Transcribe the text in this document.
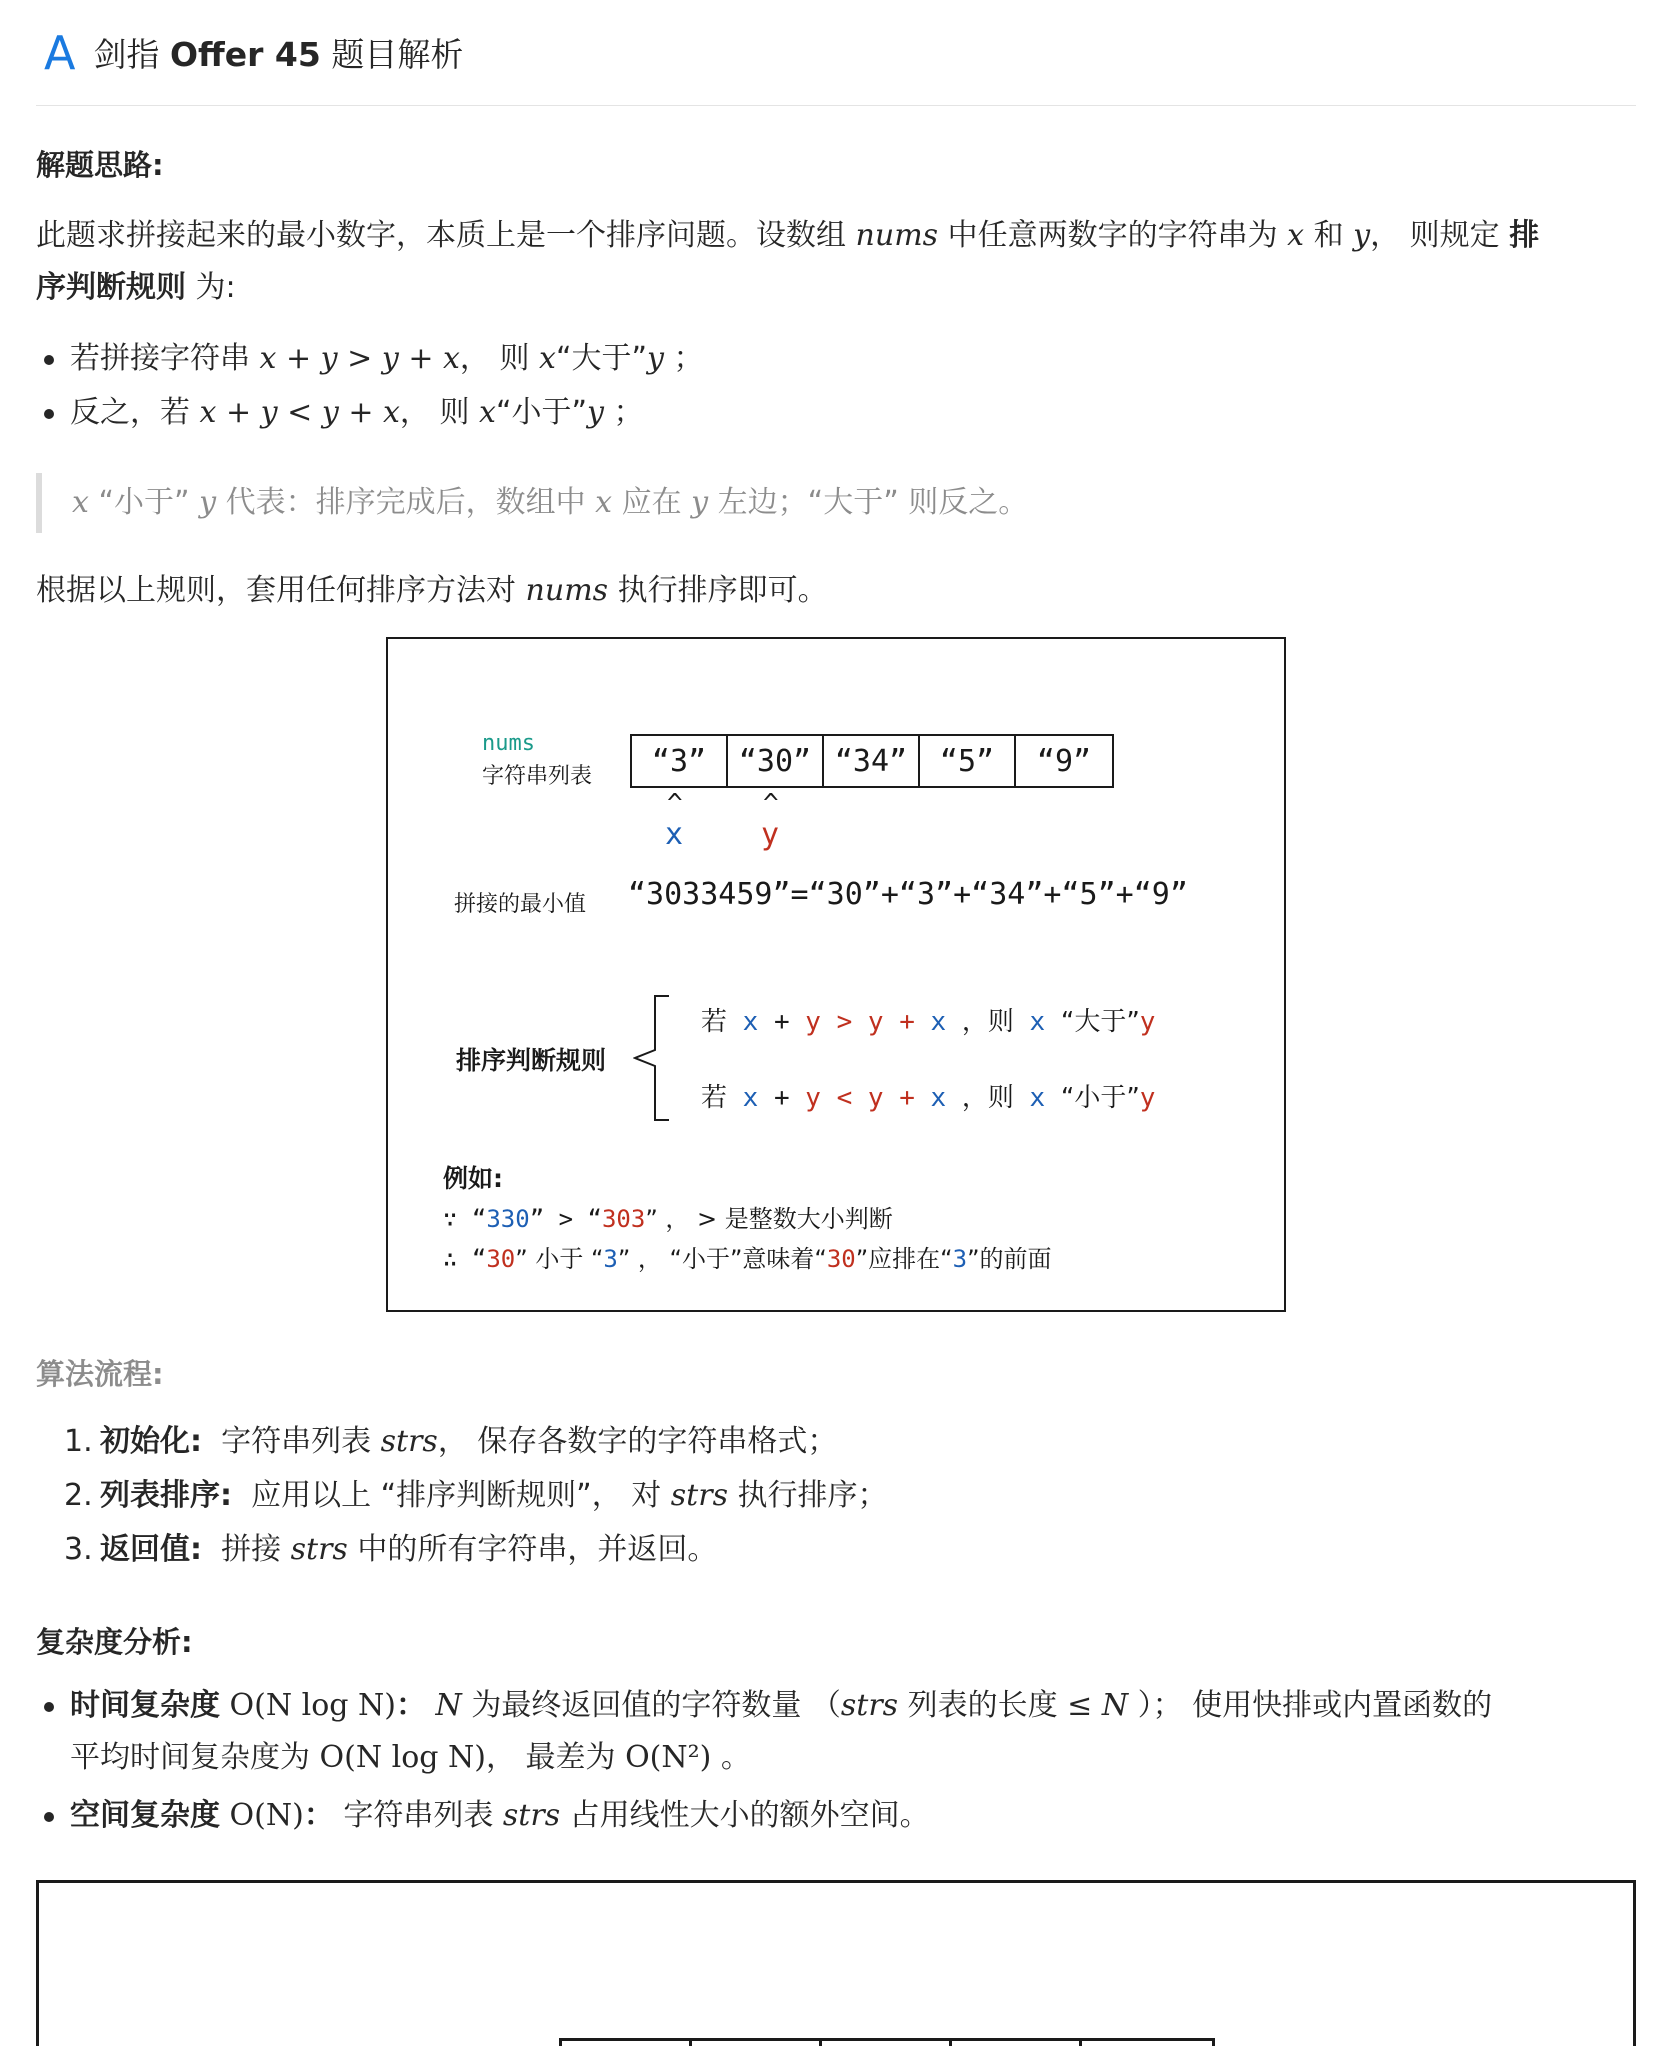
A 剑指 Offer 45 题目解析
解题思路:
此题求拼接起来的最小数字，本质上是一个排序问题。设数组 nums 中任意两数字的字符串为 x 和 y， 则规定 排
序判断规则 为:
若拼接字符串 x + y > y + x， 则 x“大于”y ；
反之，若 x + y < y + x， 则 x“小于”y ；
x “小于” y 代表：排序完成后，数组中 x 应在 y 左边；“大于” 则反之。
根据以上规则，套用任何排序方法对 nums 执行排序即可。
算法流程:
1. 初始化: 字符串列表 strs， 保存各数字的字符串格式；
2. 列表排序: 应用以上 “排序判断规则”， 对 strs 执行排序；
3. 返回值: 拼接 strs 中的所有字符串，并返回。
复杂度分析:
时间复杂度 O(N log N)： N 为最终返回值的字符数量 （strs 列表的长度 ≤ N ）； 使用快排或内置函数的
平均时间复杂度为 O(N log N)， 最差为 O(N²) 。
空间复杂度 O(N)： 字符串列表 strs 占用线性大小的额外空间。
nums
字符串列表	“3”	“30” “34”	“5”	“9”
^	^
x	y
拼接的最小值 “3033459”=“30”+“3”+“34”+“5”+“9”
排序判断规则
若 x + y > y + x ，则 x “大于”y
若 x + y < y + x ，则 x “小于”y
例如:
∵ “330” > “303” ， > 是整数大小判断
∴ “30” 小于 “3” ， “小于”意味着“30”应排在“3”的前面
